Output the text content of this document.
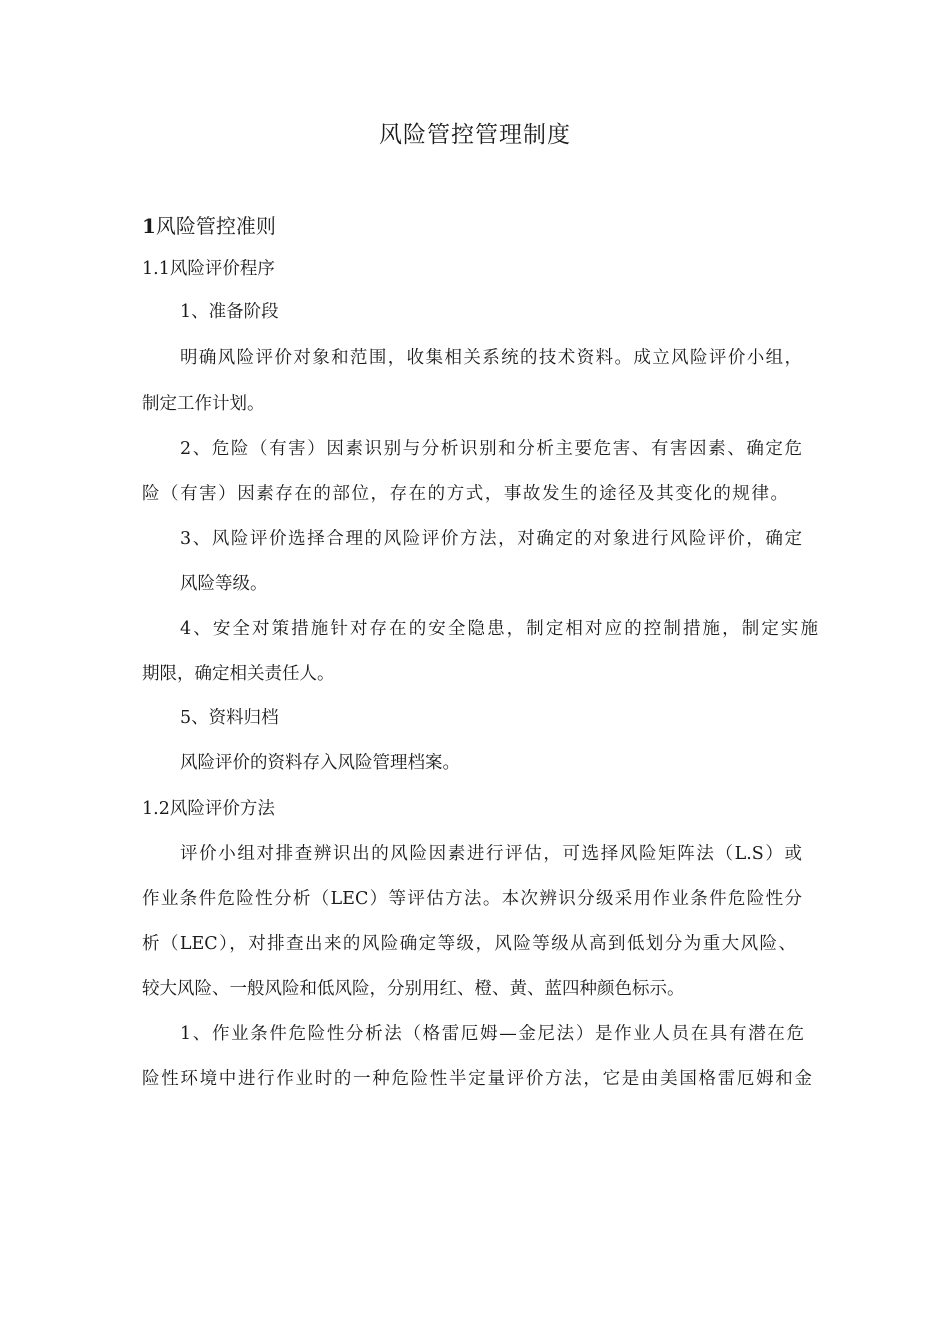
风险管控管理制度
1风险管控准则
1.1风险评价程序
1、准备阶段
明确风险评价对象和范围，收集相关系统的技术资料。成立风险评价小组，
制定工作计划。
2、危险（有害）因素识别与分析识别和分析主要危害、有害因素、确定危
险（有害）因素存在的部位，存在的方式，事故发生的途径及其变化的规律。
3、风险评价选择合理的风险评价方法，对确定的对象进行风险评价，确定
风险等级。
4、安全对策措施针对存在的安全隐患，制定相对应的控制措施，制定实施
期限，确定相关责任人。
5、资料归档
风险评价的资料存入风险管理档案。
1.2风险评价方法
评价小组对排查辨识出的风险因素进行评估，可选择风险矩阵法（L.S）或
作业条件危险性分析（LEC）等评估方法。本次辨识分级采用作业条件危险性分
析（LEC），对排查出来的风险确定等级，风险等级从高到低划分为重大风险、
较大风险、一般风险和低风险，分别用红、橙、黄、蓝四种颜色标示。
1、作业条件危险性分析法（格雷厄姆—金尼法）是作业人员在具有潜在危
险性环境中进行作业时的一种危险性半定量评价方法，它是由美国格雷厄姆和金
